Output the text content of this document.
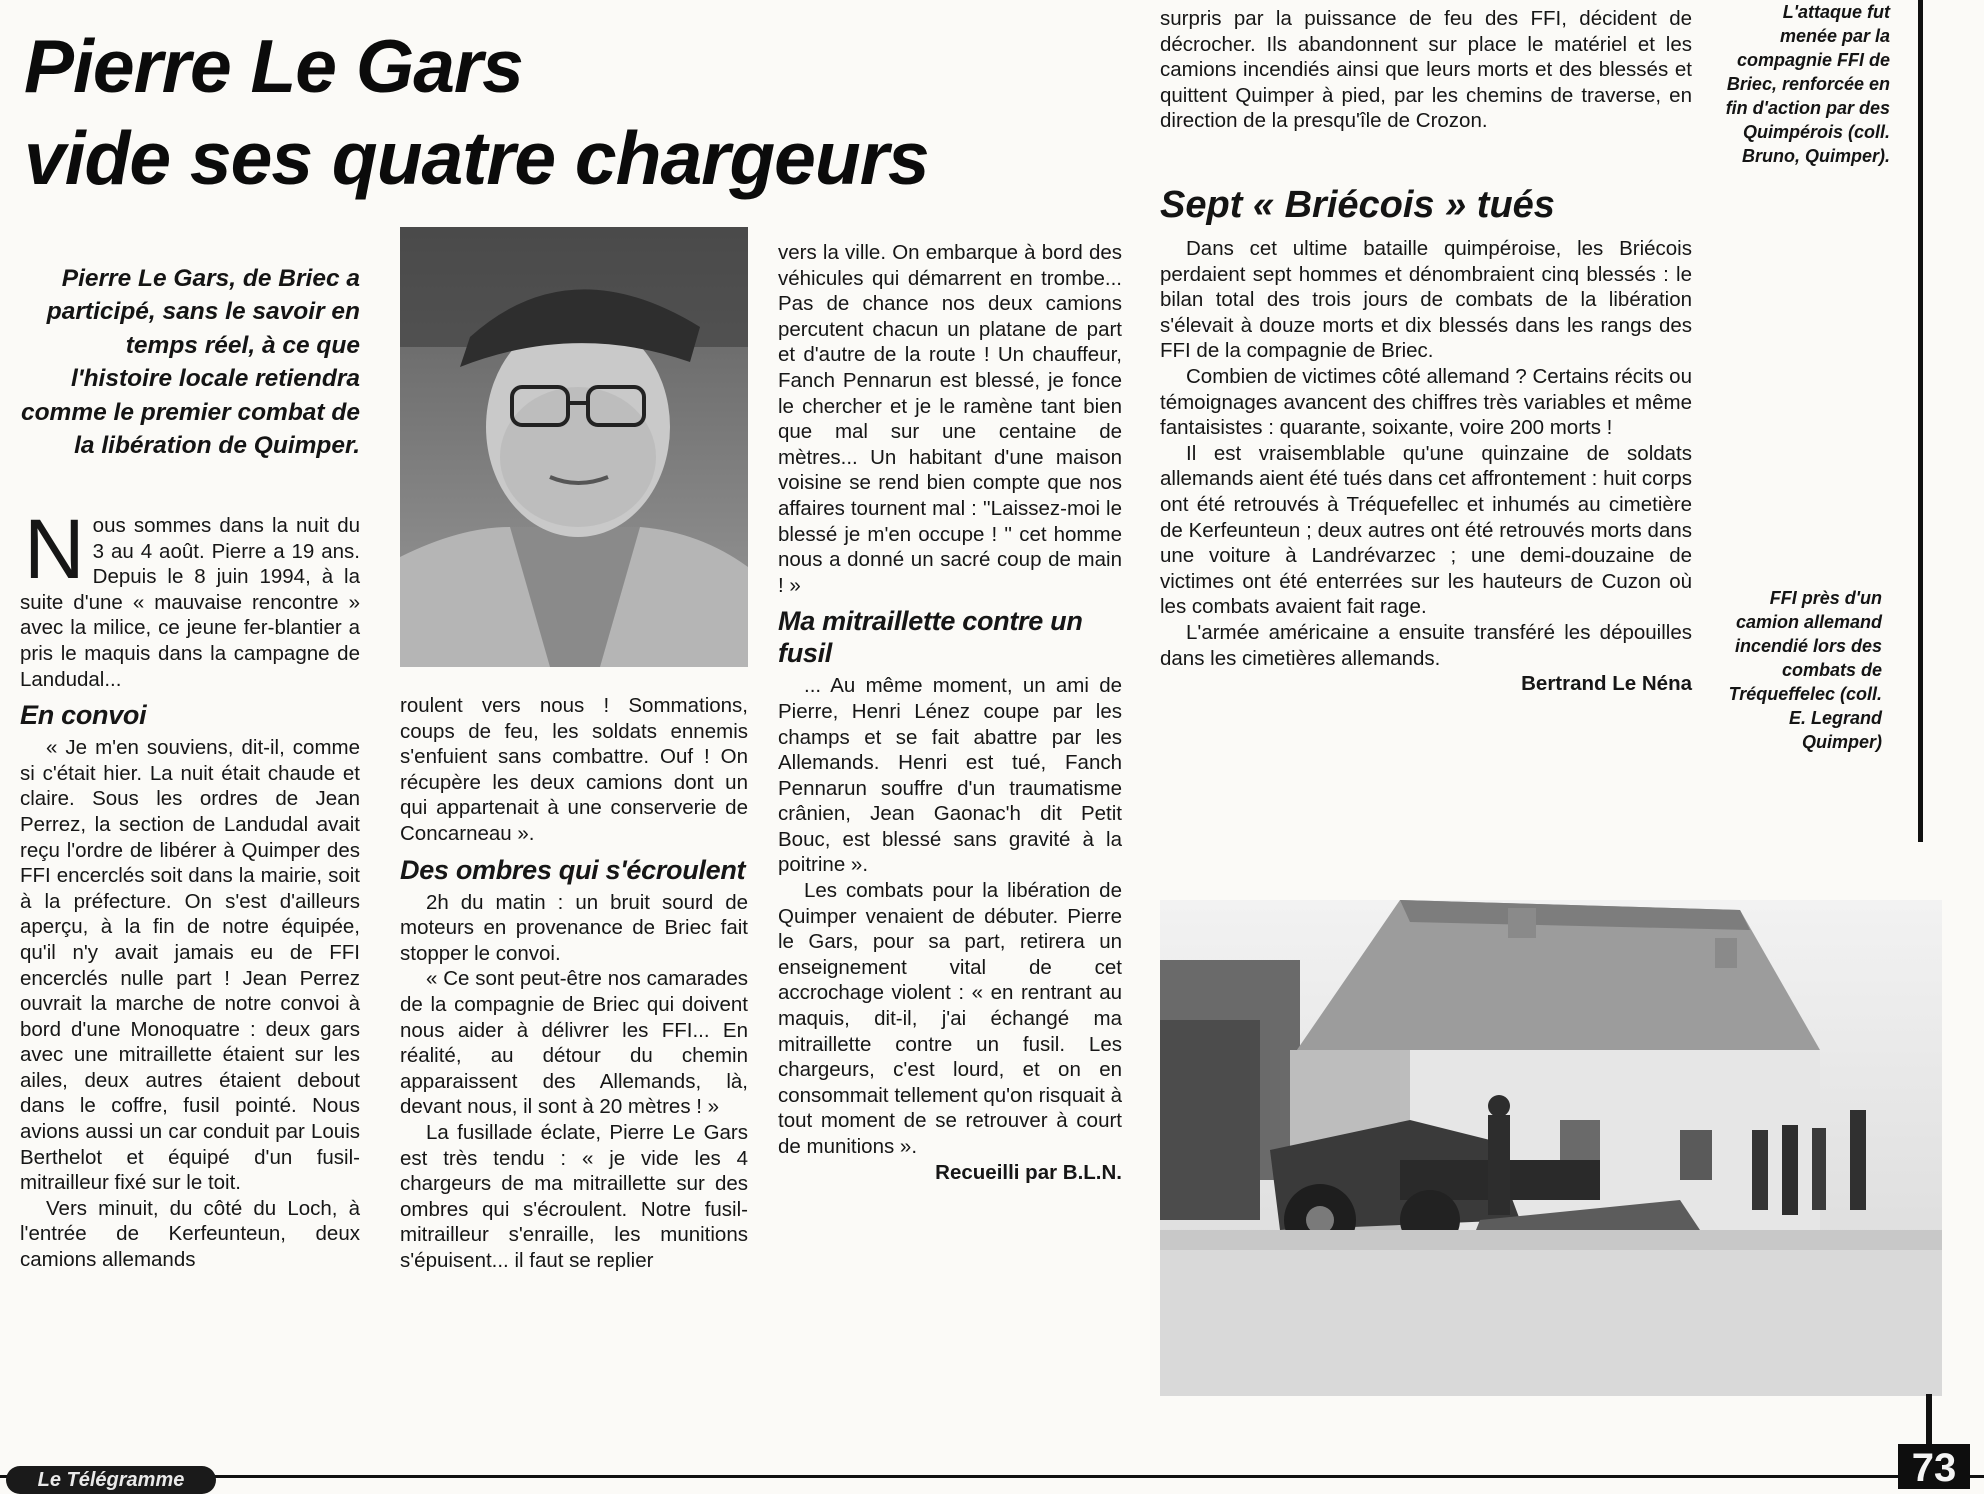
Pierre Le Gars
vide ses quatre chargeurs
Pierre Le Gars, de Briec a participé, sans le savoir en temps réel, à ce que l'histoire locale retiendra comme le premier combat de la libération de Quimper.

Nous sommes dans la nuit du 3 au 4 août. Pierre a 19 ans. Depuis le 8 juin 1994, à la suite d'une « mauvaise rencontre » avec la milice, ce jeune fer-blantier a pris le maquis dans la campagne de Landudal...

En convoi

« Je m'en souviens, dit-il, comme si c'était hier. La nuit était chaude et claire. Sous les ordres de Jean Perrez, la section de Landudal avait reçu l'ordre de libérer à Quimper des FFI encerclés soit dans la mairie, soit à la préfecture. On s'est d'ailleurs aperçu, à la fin de notre équipée, qu'il n'y avait jamais eu de FFI encerclés nulle part ! Jean Perrez ouvrait la marche de notre convoi à bord d'une Monoquatre : deux gars avec une mitraillette étaient sur les ailes, deux autres étaient debout dans le coffre, fusil pointé. Nous avions aussi un car conduit par Louis Berthelot et équipé d'un fusil-mitrailleur fixé sur le toit.

Vers minuit, du côté du Loch, à l'entrée de Kerfeunteun, deux camions allemands

roulent vers nous ! Sommations, coups de feu, les soldats ennemis s'enfuient sans combattre. Ouf ! On récupère les deux camions dont un qui appartenait à une conserverie de Concarneau ».

Des ombres qui s'écroulent

2h du matin : un bruit sourd de moteurs en provenance de Briec fait stopper le convoi.

« Ce sont peut-être nos camarades de la compagnie de Briec qui doivent nous aider à délivrer les FFI... En réalité, au détour du chemin apparaissent des Allemands, là, devant nous, il sont à 20 mètres ! »

La fusillade éclate, Pierre Le Gars est très tendu : « je vide les 4 chargeurs de ma mitraillette sur des ombres qui s'écroulent. Notre fusil-mitrailleur s'enraille, les munitions s'épuisent... il faut se replier

vers la ville. On embarque à bord des véhicules qui démarrent en trombe... Pas de chance nos deux camions percutent chacun un platane de part et d'autre de la route ! Un chauffeur, Fanch Pennarun est blessé, je fonce le chercher et je le ramène tant bien que mal sur une centaine de mètres... Un habitant d'une maison voisine se rend bien compte que nos affaires tournent mal : ''Laissez-moi le blessé je m'en occupe ! '' cet homme nous a donné un sacré coup de main ! »

Ma mitraillette contre un fusil

... Au même moment, un ami de Pierre, Henri Lénez coupe par les champs et se fait abattre par les Allemands. Henri est tué, Fanch Pennarun souffre d'un traumatisme crânien, Jean Gaonac'h dit Petit Bouc, est blessé sans gravité à la poitrine ».

Les combats pour la libération de Quimper venaient de débuter. Pierre le Gars, pour sa part, retirera un enseignement vital de cet accrochage violent : « en rentrant au maquis, dit-il, j'ai échangé ma mitraillette contre un fusil. Les chargeurs, c'est lourd, et on en consommait tellement qu'on risquait à tout moment de se retrouver à court de munitions ».

Recueilli par B.L.N.

surpris par la puissance de feu des FFI, décident de décrocher. Ils abandonnent sur place le matériel et les camions incendiés ainsi que leurs morts et des blessés et quittent Quimper à pied, par les chemins de traverse, en direction de la presqu'île de Crozon.

Sept « Briécois » tués

Dans cet ultime bataille quimpéroise, les Briécois perdaient sept hommes et dénombraient cinq blessés : le bilan total des trois jours de combats de la libération s'élevait à douze morts et dix blessés dans les rangs des FFI de la compagnie de Briec.

Combien de victimes côté allemand ? Certains récits ou témoignages avancent des chiffres très variables et même fantaisistes : quarante, soixante, voire 200 morts !

Il est vraisemblable qu'une quinzaine de soldats allemands aient été tués dans cet affrontement : huit corps ont été retrouvés à Tréquefellec et inhumés au cimetière de Kerfeunteun ; deux autres ont été retrouvés morts dans une voiture à Landrévarzec ; une demi-douzaine de victimes ont été enterrées sur les hauteurs de Cuzon où les combats avaient fait rage.

L'armée américaine a ensuite transféré les dépouilles dans les cimetières allemands.

Bertrand Le Néna

L'attaque fut menée par la compagnie FFI de Briec, renforcée en fin d'action par des Quimpérois (coll. Bruno, Quimper).
FFI près d'un camion allemand incendié lors des combats de Tréqueffelec (coll. E. Legrand Quimper)
Le Télégramme	73
